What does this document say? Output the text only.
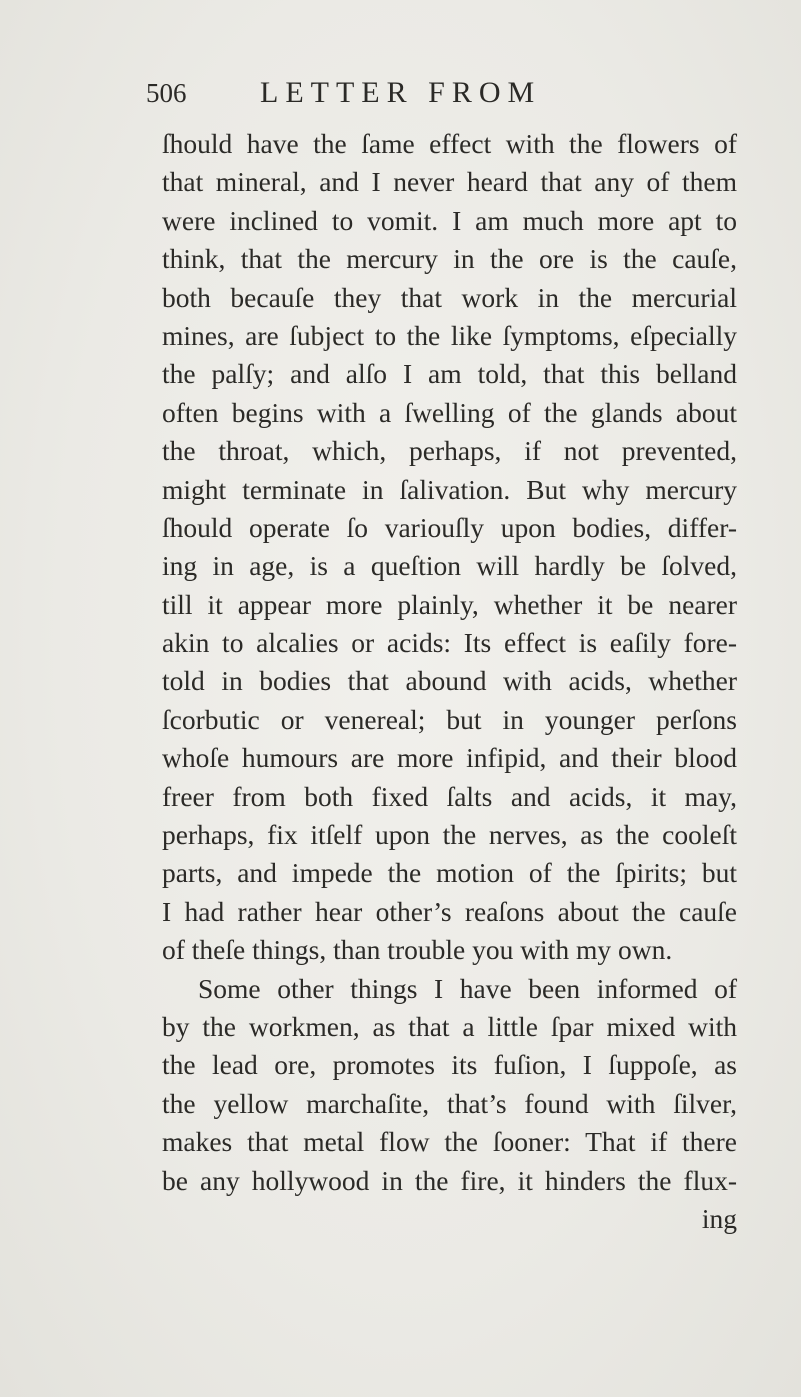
506 LETTER FROM
ſhould have the ſame effect with the flowers of
that mineral, and I never heard that any of them
were inclined to vomit. I am much more apt to
think, that the mercury in the ore is the cauſe,
both becauſe they that work in the mercurial
mines, are ſubject to the like ſymptoms, eſpecially
the palſy; and alſo I am told, that this belland
often begins with a ſwelling of the glands about
the throat, which, perhaps, if not prevented,
might terminate in ſalivation. But why mercury
ſhould operate ſo variouſly upon bodies, differ-
ing in age, is a queſtion will hardly be ſolved,
till it appear more plainly, whether it be nearer
akin to alcalies or acids: Its effect is eaſily fore-
told in bodies that abound with acids, whether
ſcorbutic or venereal; but in younger perſons
whoſe humours are more infipid, and their blood
freer from both fixed ſalts and acids, it may,
perhaps, fix itſelf upon the nerves, as the cooleſt
parts, and impede the motion of the ſpirits; but
I had rather hear other’s reaſons about the cauſe
of theſe things, than trouble you with my own.
Some other things I have been informed of
by the workmen, as that a little ſpar mixed with
the lead ore, promotes its fuſion, I ſuppoſe, as
the yellow marchaſite, that’s found with ſilver,
makes that metal flow the ſooner: That if there
be any hollywood in the fire, it hinders the flux-
ing
